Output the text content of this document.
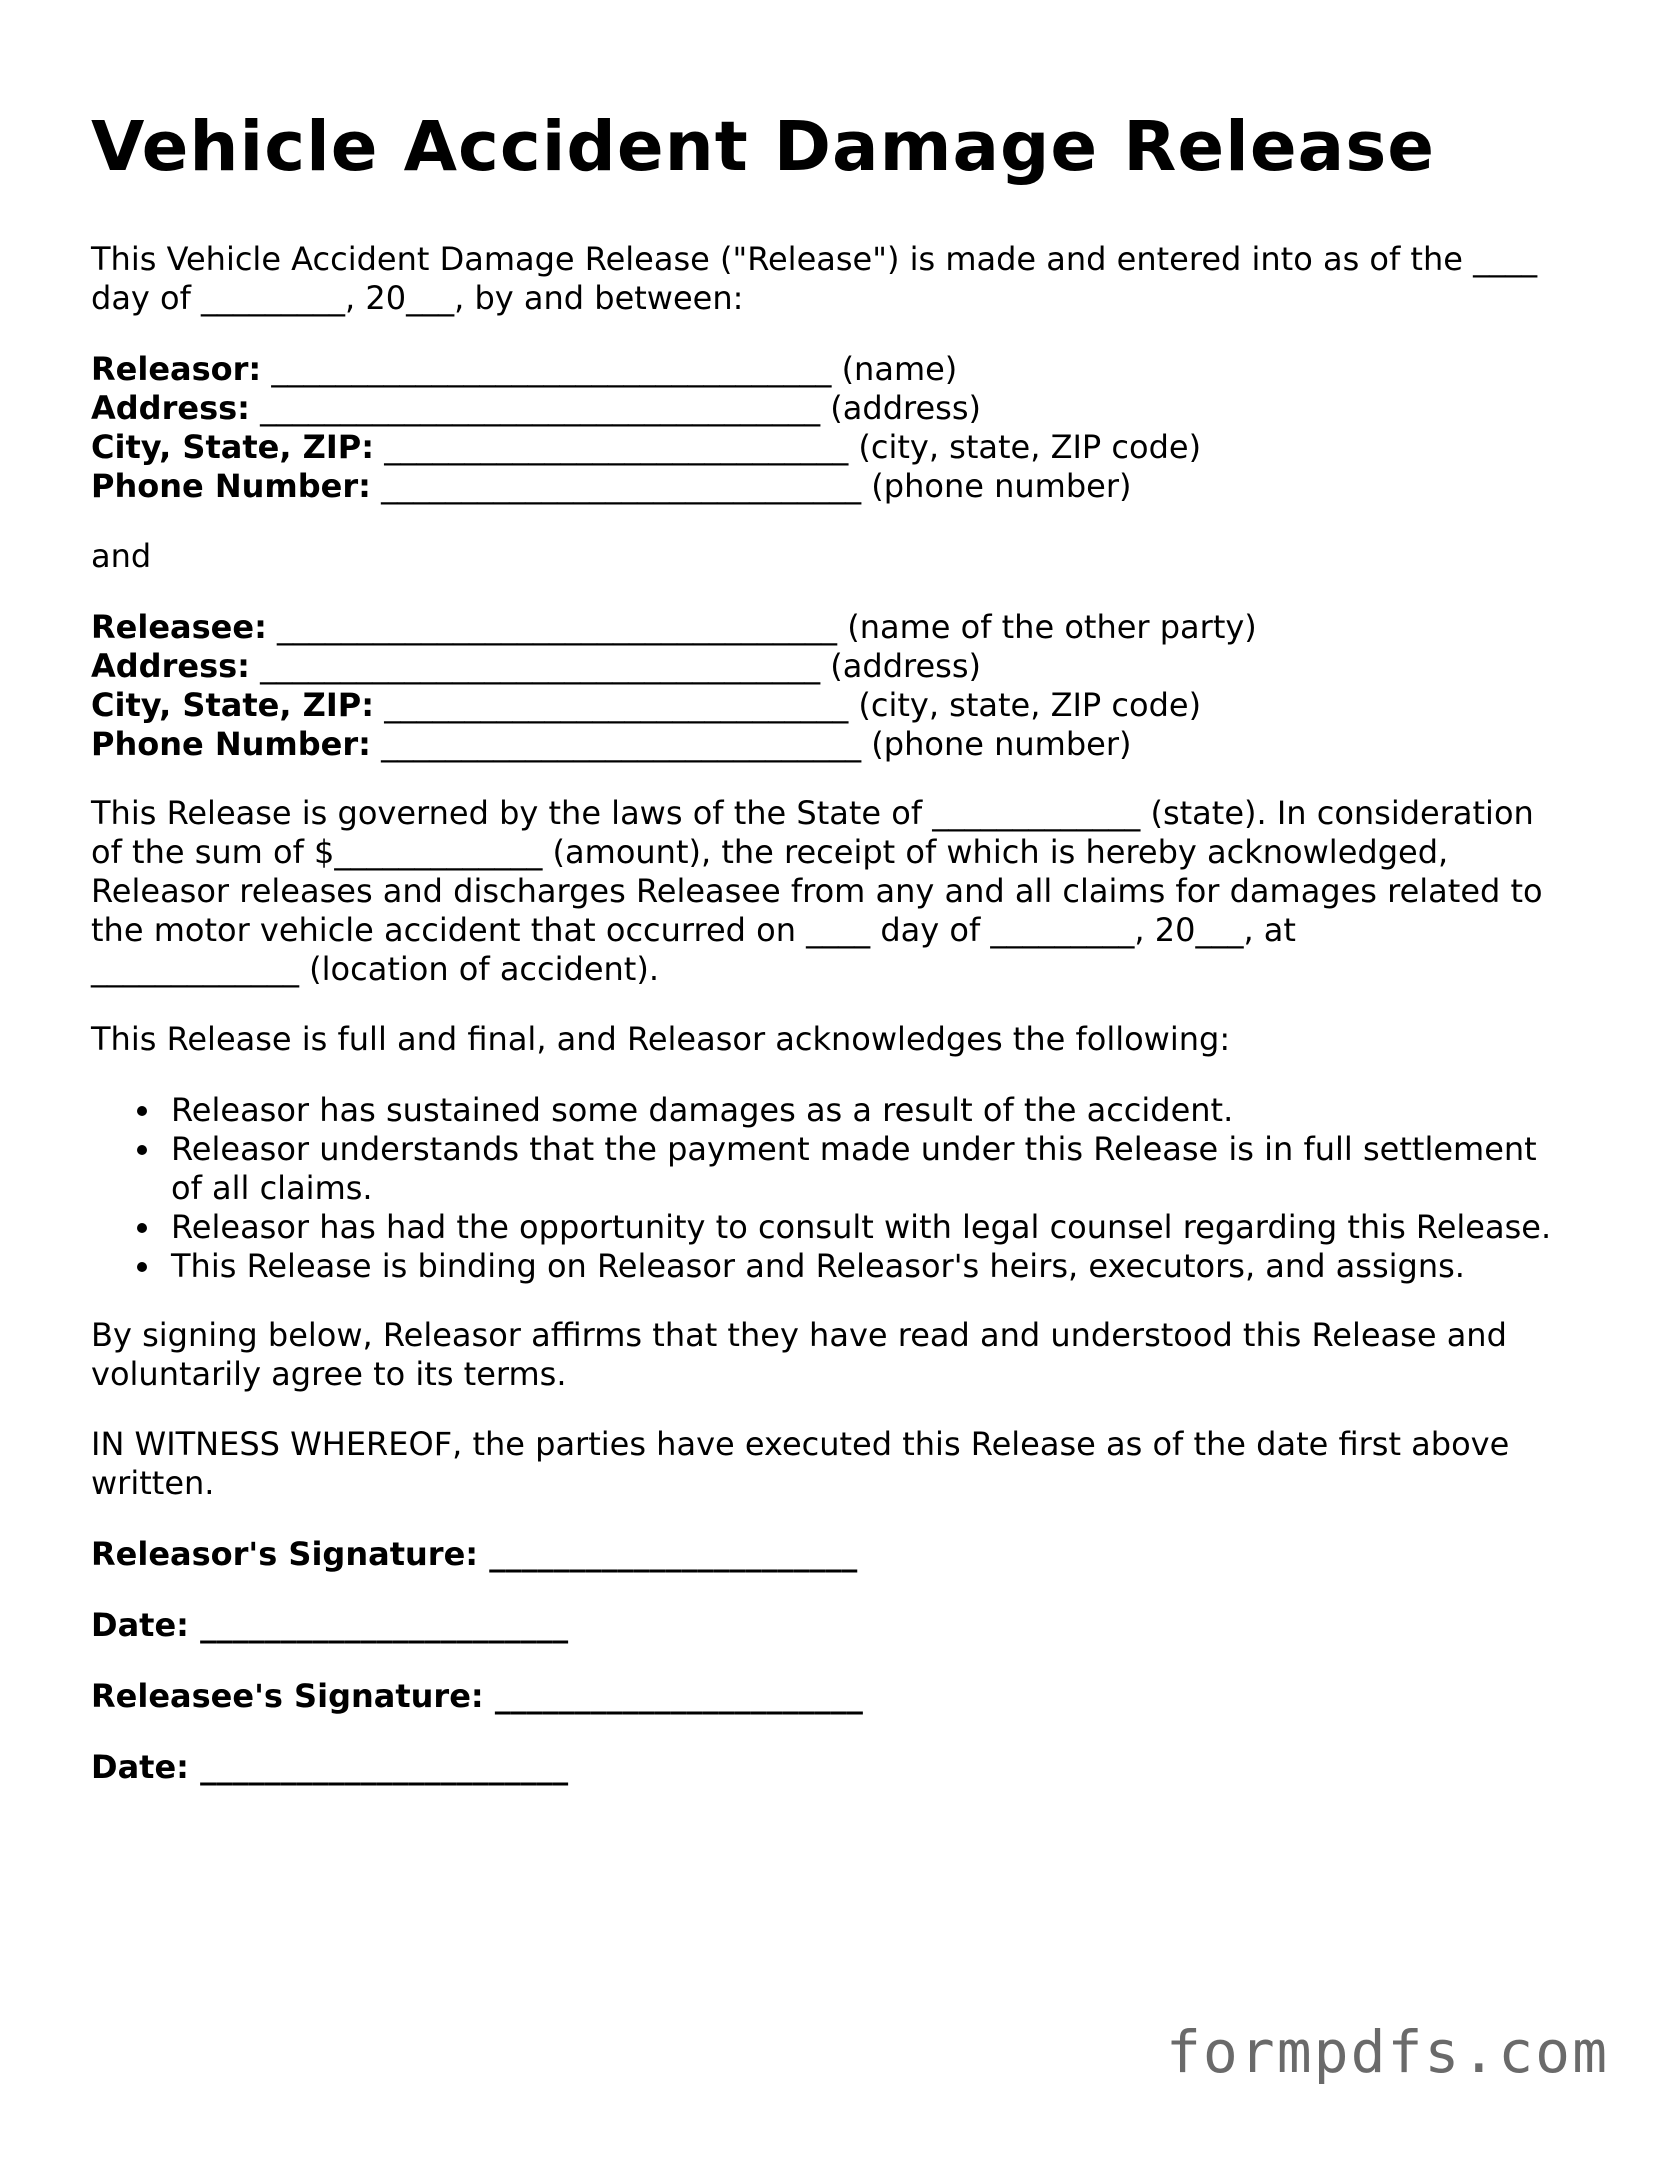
Vehicle Accident Damage Release

This Vehicle Accident Damage Release ("Release") is made and entered into as of the ____
day of _________, 20___, by and between:

Releasor: ___________________________________ (name)
Address: ___________________________________ (address)
City, State, ZIP: _____________________________ (city, state, ZIP code)
Phone Number: ______________________________ (phone number)

and

Releasee: ___________________________________ (name of the other party)
Address: ___________________________________ (address)
City, State, ZIP: _____________________________ (city, state, ZIP code)
Phone Number: ______________________________ (phone number)

This Release is governed by the laws of the State of _____________ (state). In consideration
of the sum of $_____________ (amount), the receipt of which is hereby acknowledged,
Releasor releases and discharges Releasee from any and all claims for damages related to
the motor vehicle accident that occurred on ____ day of _________, 20___, at
_____________ (location of accident).

This Release is full and final, and Releasor acknowledges the following:

Releasor has sustained some damages as a result of the accident.
Releasor understands that the payment made under this Release is in full settlement
of all claims.
Releasor has had the opportunity to consult with legal counsel regarding this Release.
This Release is binding on Releasor and Releasor's heirs, executors, and assigns.

By signing below, Releasor affirms that they have read and understood this Release and
voluntarily agree to its terms.

IN WITNESS WHEREOF, the parties have executed this Release as of the date first above
written.

Releasor's Signature: _______________________
Date: _______________________
Releasee's Signature: _______________________
Date: _______________________
formpdfs.com
